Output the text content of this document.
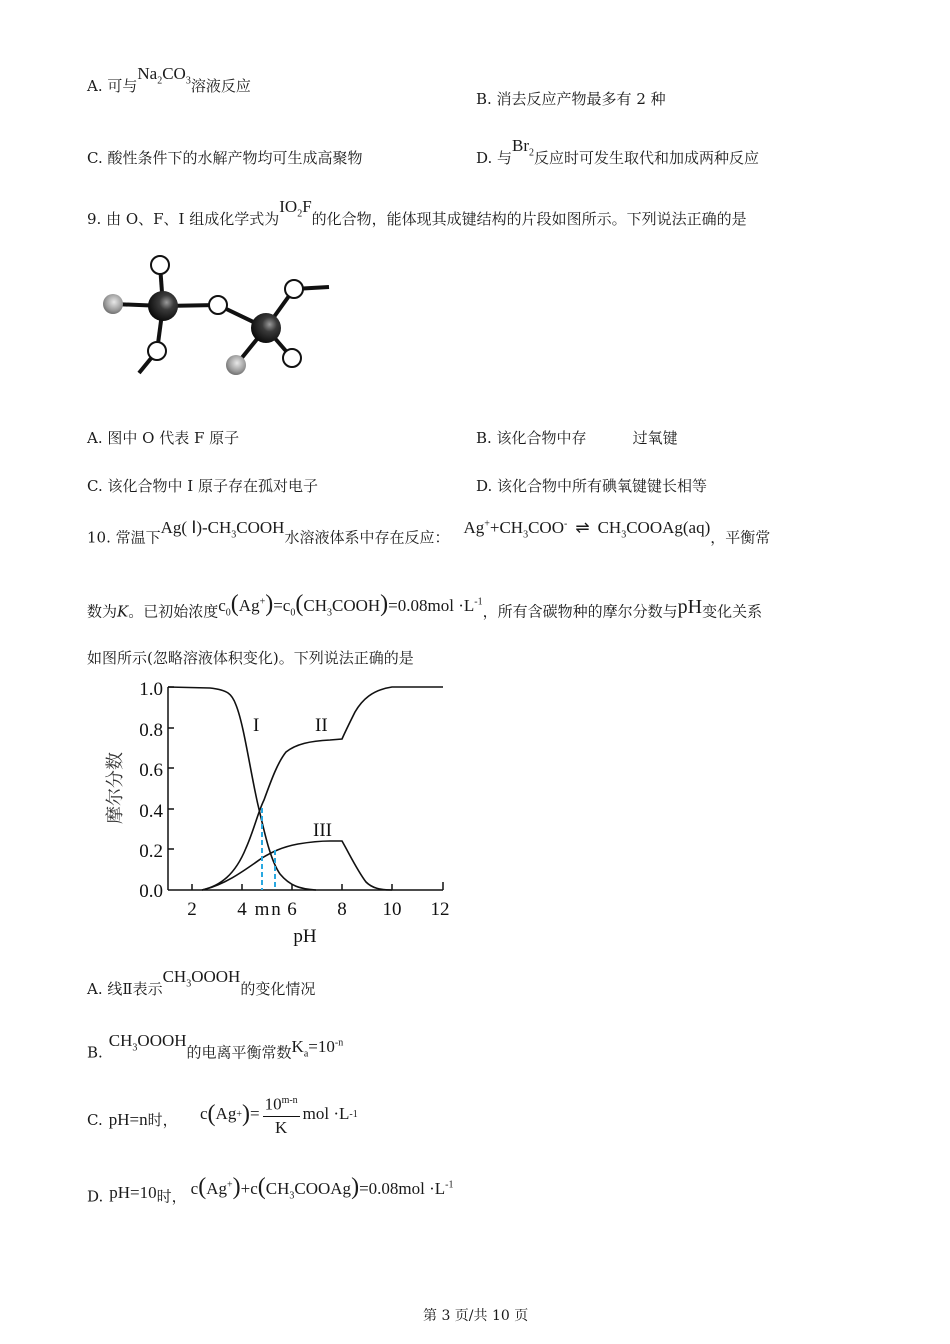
A. 可与$Na_2CO_3$溶液反应
B. 消去反应产物最多有 2 种
C. 酸性条件下的水解产物均可生成高聚物	D. 与$Br_2$反应时可发生取代和加成两种反应
9. 由 O、F、I 组成化学式为$IO_2F$的化合物，能体现其成键结构的片段如图所示。下列说法正确的是
A. 图中 O 代表 F 原子	B. 该化合物中存	过氧键
C. 该化合物中 I 原子存在孤对电子	D. 该化合物中所有碘氧键键长相等
10. 常温下Ag( $Ⅰ)-CH_3COOH$水溶液体系中存在反应：$Ag^++CH_3COO^-$ ⇌ $CH_3COOAg(aq)$，平衡常
数为K。已初始浓度$c_0(Ag^+)=c_0(CH_3COOH)=0.08mol \cdot L^{-1}$，所有含碳物种的摩尔分数与pH变化关系
如图所示(忽略溶液体积变化)。下列说法正确的是
1.0
0.8
0.6
0.4
0.2
0.0
2 4 m n 6 8 10 12
pH
摩尔分数
I	II
III
A. 线Ⅱ表示$CH_3OOOH$的变化情况
$B.CH_3OOOH$的电离平衡常数$K_a=10^{-n}$
C. pH=n时， c ( Ag + ) = $\frac{10^{m-n}}{K}$ mol ·L -1
D. pH=10时， $c(Ag^+)+c(CH_3COOAg)=0.08mol \cdot L^{-1}$
第 3 页/共 10 页
